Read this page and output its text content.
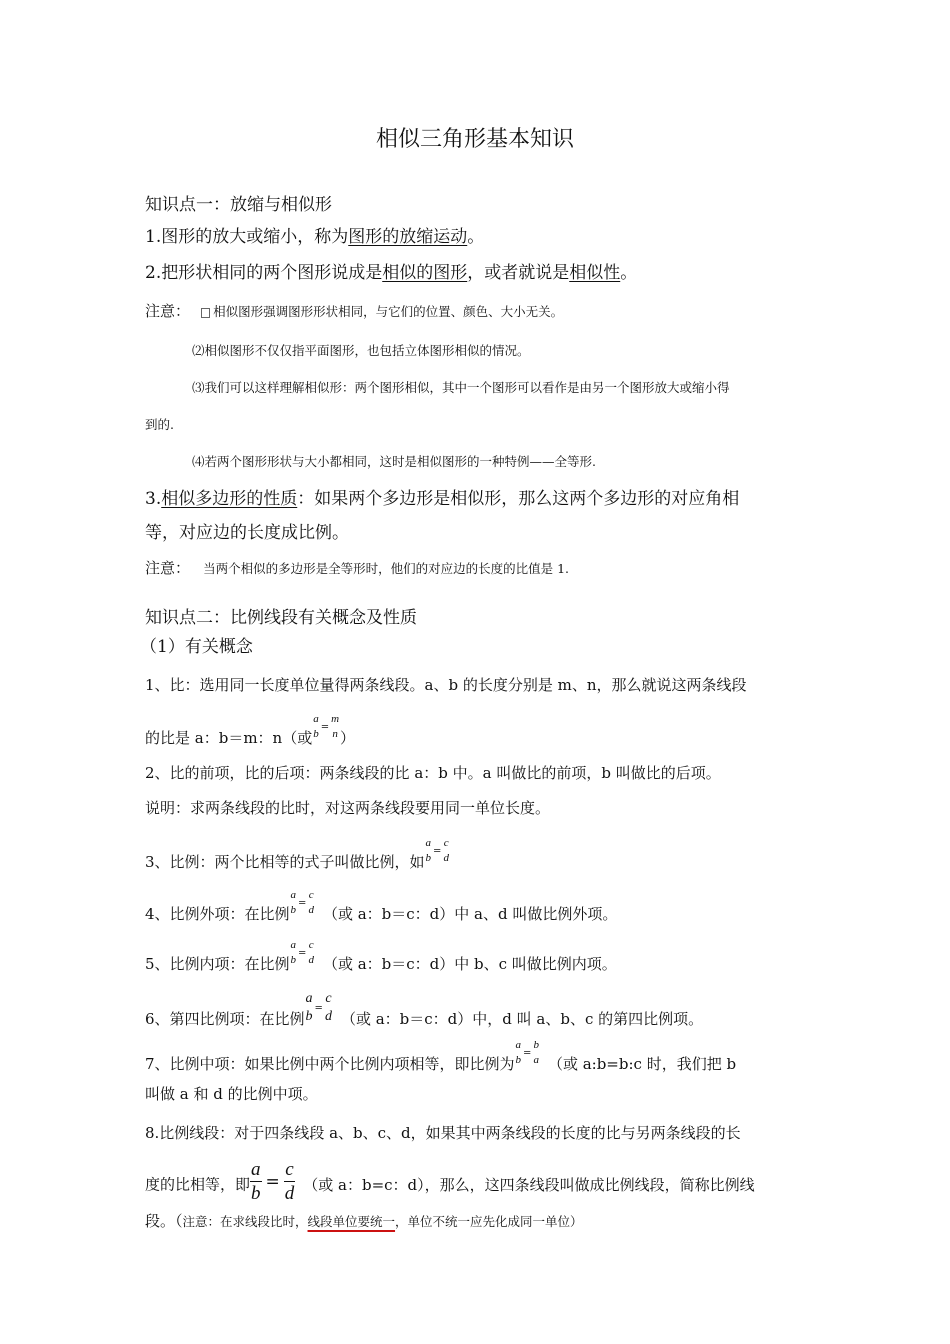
相似三角形基本知识
知识点一：放缩与相似形
1.图形的放大或缩小，称为图形的放缩运动。
2.把形状相同的两个图形说成是相似的图形，或者就说是相似性。
注意： 相似图形强调图形形状相同，与它们的位置、颜色、大小无关。
⑵相似图形不仅仅指平面图形，也包括立体图形相似的情况。
⑶我们可以这样理解相似形：两个图形相似，其中一个图形可以看作是由另一个图形放大或缩小得
到的.
⑷若两个图形形状与大小都相同，这时是相似图形的一种特例——全等形.
3.相似多边形的性质：如果两个多边形是相似形，那么这两个多边形的对应角相
等，对应边的长度成比例。
注意： 当两个相似的多边形是全等形时，他们的对应边的长度的比值是 1.
知识点二：比例线段有关概念及性质
（1）有关概念
1、比：选用同一长度单位量得两条线段。a、b 的长度分别是 m、n，那么就说这两条线段
的比是 a：b＝m：n（或
a
b
=
m
n ）
2、比的前项，比的后项：两条线段的比 a：b 中。a 叫做比的前项，b 叫做比的后项。
说明：求两条线段的比时，对这两条线段要用同一单位长度。
3、比例：两个比相等的式子叫做比例，如
a
b
=
c
d
4、比例外项：在比例
a
b
=
c
d （或 a：b＝c：d）中 a、d 叫做比例外项。
5、比例内项：在比例
a
b
=
c
d （或 a：b＝c：d）中 b、c 叫做比例内项。
6、第四比例项：在比例
a
b
=
c
d （或 a：b＝c：d）中，d 叫 a、b、c 的第四比例项。
7、比例中项：如果比例中两个比例内项相等，即比例为
a
b
=
b
a （或 a:b=b:c 时，我们把 b
叫做 a 和 d 的比例中项。
8.比例线段：对于四条线段 a、b、c、d，如果其中两条线段的长度的比与另两条线段的长
度的比相等，即 $\frac{a}{b} = \frac{c}{d}$ （或 a：b=c：d），那么，这四条线段叫做成比例线段，简称比例线
段。（注意：在求线段比时，线段单位要统一，单位不统一应先化成同一单位）
